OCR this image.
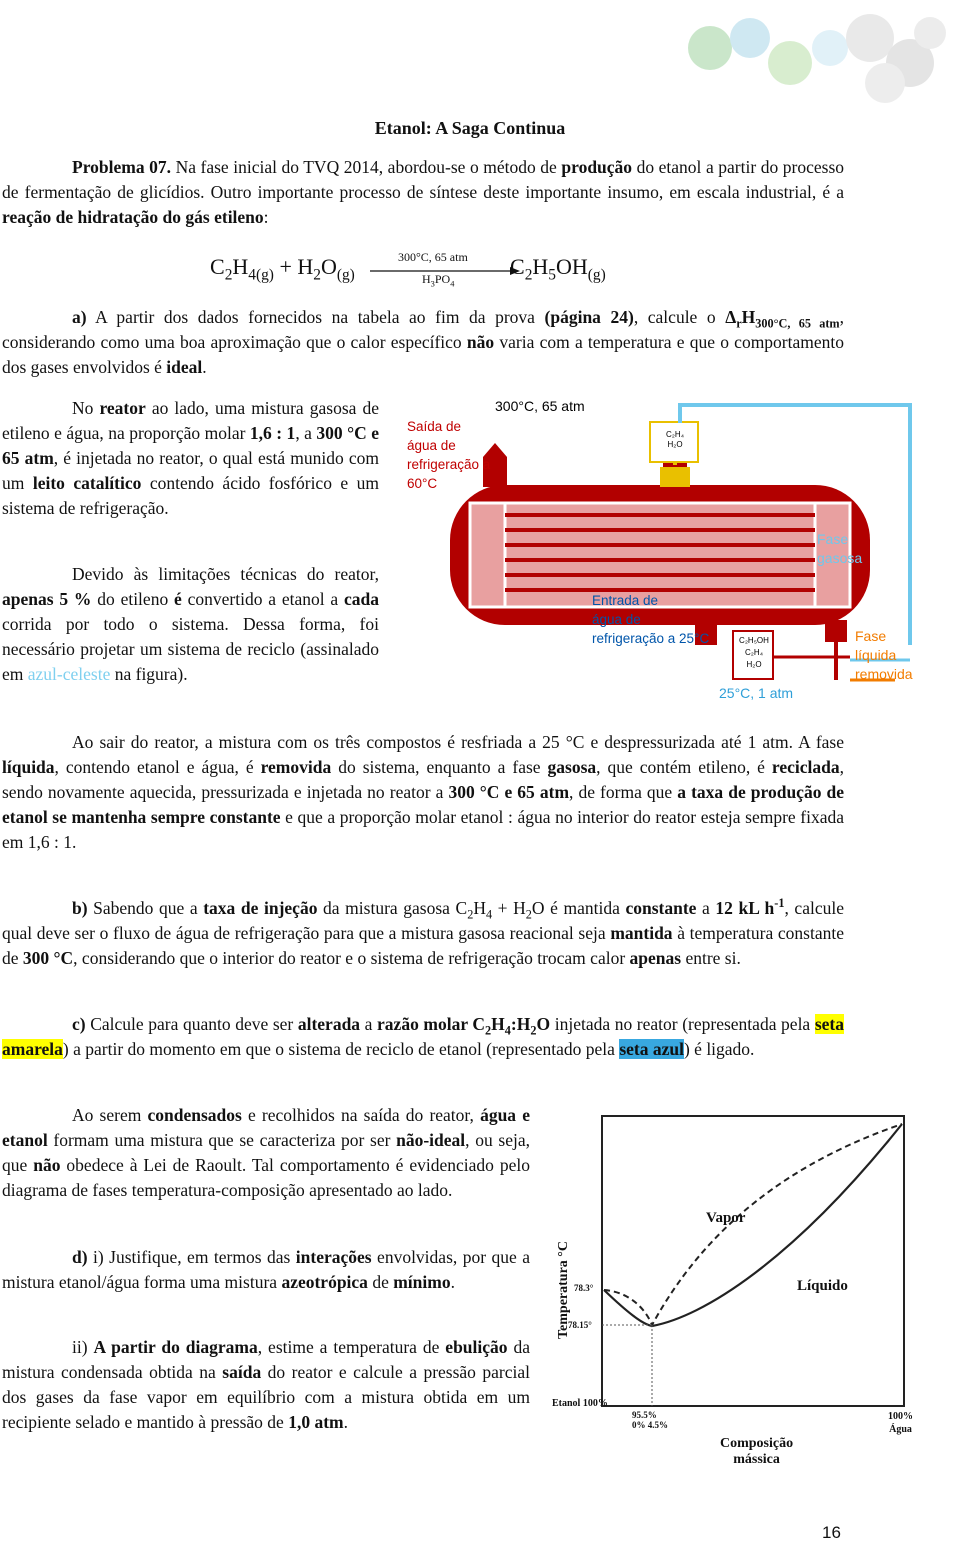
Etanol: A Saga Continua

Problema 07. Na fase inicial do TVQ 2014, abordou-se o método de produção do etanol a partir do processo de fermentação de glicídios. Outro importante processo de síntese deste importante insumo, em escala industrial, é a reação de hidratação do gás etileno:

$C_2H_{4(g)} + H_2O_{(g)}$
300°C, 65 atm
$H_3PO_4$
$C_2H_5OH_{(g)}$

a) A partir dos dados fornecidos na tabela ao fim da prova (página 24), calcule o $\Delta_rH_{300^\circ C, 65 atm}$, considerando como uma boa aproximação que o calor específico não varia com a temperatura e que o comportamento dos gases envolvidos é ideal.

No reator ao lado, uma mistura gasosa de etileno e água, na proporção molar 1,6 : 1, a 300 °C e 65 atm, é injetada no reator, o qual está munido com um leito catalítico contendo ácido fosfórico e um sistema de refrigeração.

Devido às limitações técnicas do reator, apenas 5 % do etileno é convertido a etanol a cada corrida por todo o sistema. Dessa forma, foi necessário projetar um sistema de reciclo (assinalado em azul-celeste na figura).

300°C, 65 atm
Saída de
água de
refrigeração a
60°C
C₂H₄
H₂O
Fase
gasosa
Entrada de
água de
refrigeração a 25°C	C₂H₅OH
C₂H₄
H₂O
Fase
líquida
removida
25°C, 1 atm

Ao sair do reator, a mistura com os três compostos é resfriada a 25 °C e despressurizada até 1 atm. A fase líquida, contendo etanol e água, é removida do sistema, enquanto a fase gasosa, que contém etileno, é reciclada, sendo novamente aquecida, pressurizada e injetada no reator a 300 °C e 65 atm, de forma que a taxa de produção de etanol se mantenha sempre constante e que a proporção molar etanol : água no interior do reator esteja sempre fixada em 1,6 : 1.

b) Sabendo que a taxa de injeção da mistura gasosa $C_2H_4 + H_2O$ é mantida constante a 12 kL $h^{-1}$, calcule qual deve ser o fluxo de água de refrigeração para que a mistura gasosa reacional seja mantida à temperatura constante de 300 °C, considerando que o interior do reator e o sistema de refrigeração trocam calor apenas entre si.

c) Calcule para quanto deve ser alterada a razão molar $C_2H_4:H_2O$ injetada no reator (representada pela seta amarela) a partir do momento em que o sistema de reciclo de etanol (representado pela seta azul) é ligado.

Ao serem condensados e recolhidos na saída do reator, água e etanol formam uma mistura que se caracteriza por ser não-ideal, ou seja, que não obedece à Lei de Raoult. Tal comportamento é evidenciado pelo diagrama de fases temperatura-composição apresentado ao lado.

d) i) Justifique, em termos das interações envolvidas, por que a mistura etanol/água forma uma mistura azeotrópica de mínimo.

ii) A partir do diagrama, estime a temperatura de ebulição da mistura condensada obtida na saída do reator e calcule a pressão parcial dos gases da fase vapor em equilíbrio com a mistura obtida em um recipiente selado e mantido à pressão de 1,0 atm.

Temperatura °C
Vapor
Líquido
78.3°
78.15°
Etanol 100%
95.5%
0% 4.5%
100%
Água
Composição
mássica
16
